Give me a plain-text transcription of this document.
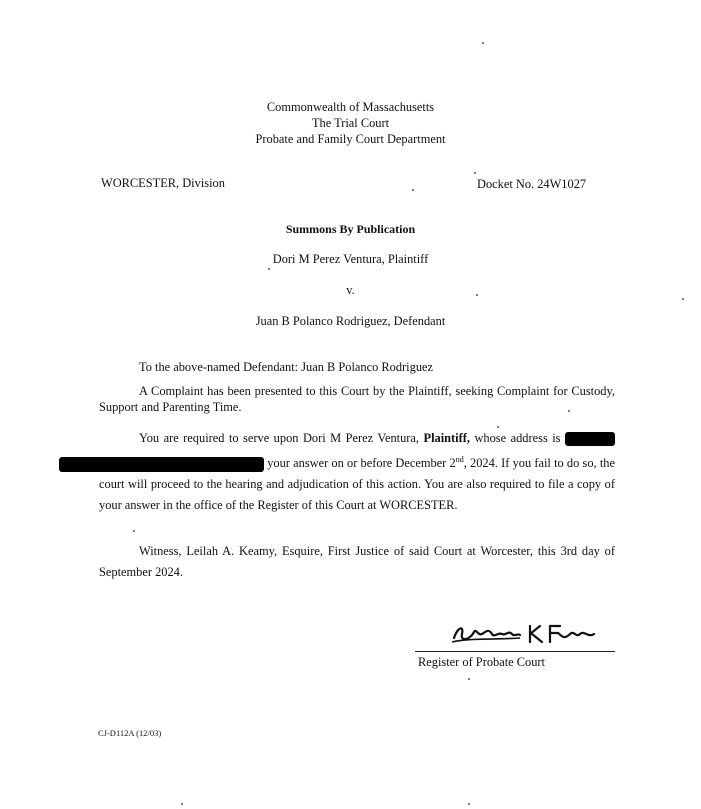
Commonwealth of Massachusetts
The Trial Court
Probate and Family Court Department
WORCESTER, Division	Docket No. 24W1027
Summons By Publication
Dori M Perez Ventura, Plaintiff
v.
Juan B Polanco Rodriguez, Defendant
To the above-named Defendant: Juan B Polanco Rodriguez
A Complaint has been presented to this Court by the Plaintiff, seeking Complaint for Custody, Support and Parenting Time.
You are required to serve upon Dori M Perez Ventura, Plaintiff, whose address is   your answer on or before December 2nd, 2024. If you fail to do so, the court will proceed to the hearing and adjudication of this action. You are also required to file a copy of your answer in the office of the Register of this Court at WORCESTER.
Witness, Leilah A. Keamy, Esquire, First Justice of said Court at Worcester, this 3rd day of September 2024.
Register of Probate Court
CJ-D112A (12/03)
